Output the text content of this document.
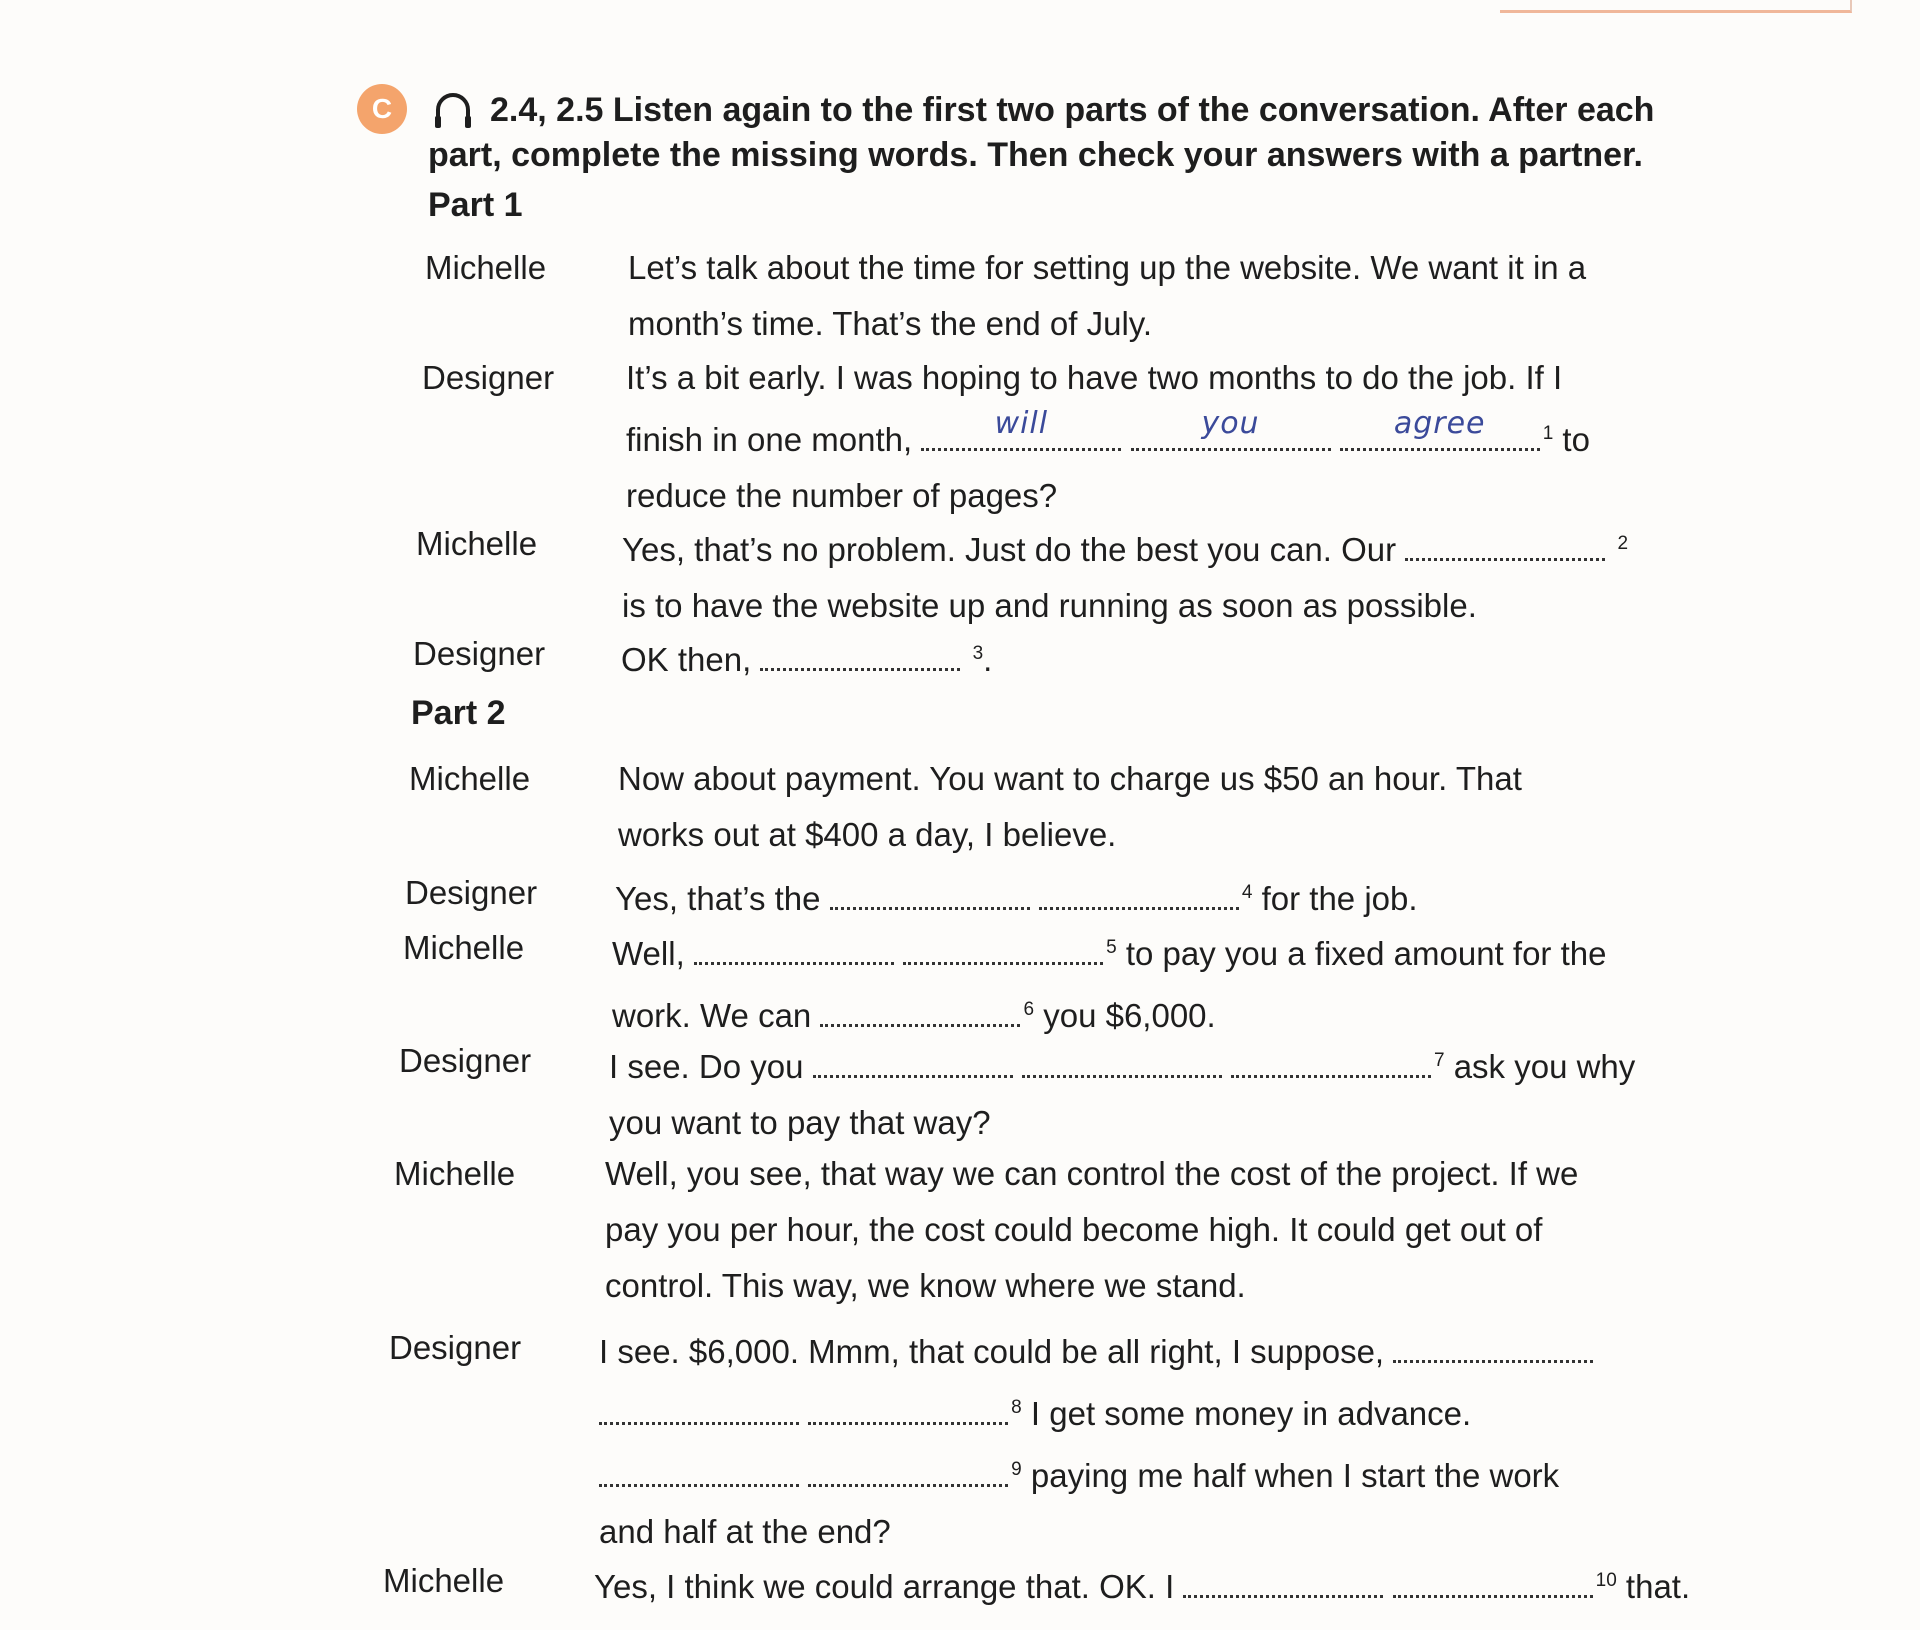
C	2.4, 2.5 Listen again to the first two parts of the conversation. After each
part, complete the missing words. Then check your answers with a partner.
Part 1
Michelle Let’s talk about the time for setting up the website. We want it in a
month’s time. That’s the end of July.
Designer It’s a bit early. I was hoping to have two months to do the job. If I
finish in one month,	will
	you
	agree	$^1$ to
reduce the number of pages?
Michelle	Yes, that’s no problem. Just do the best you can. Our	$^2$
is to have the website up and running as soon as possible.
Designer OK then,	$^3$.
Part 2
Michelle	Now about payment. You want to charge us $50 an hour. That
works out at $400 a day, I believe.
Designer Yes, that’s the
	$^4$ for the job.
Michelle	Well,
	$^5$ to pay you a fixed amount for the
work. We can	$^6$ you $6,000.
Designer I see. Do you

	$^7$ ask you why
you want to pay that way?
Michelle	Well, you see, that way we can control the cost of the project. If we
pay you per hour, the cost could become high. It could get out of
control. This way, we know where we stand.
Designer I see. $6,000. Mmm, that could be all right, I suppose,

$^8$ I get some money in advance.

$^9$ paying me half when I start the work
and half at the end?
Michelle	Yes, I think we could arrange that. OK. I
	$^{10}$ that.
